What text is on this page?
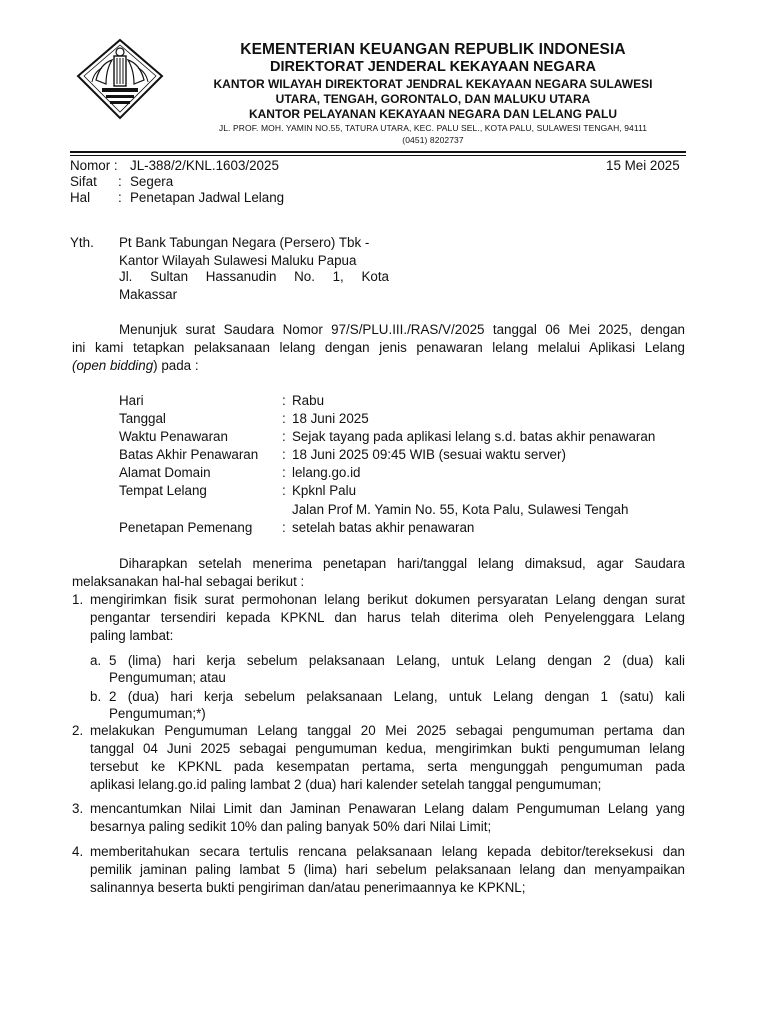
KEMENTERIAN KEUANGAN REPUBLIK INDONESIA
DIREKTORAT JENDERAL KEKAYAAN NEGARA
KANTOR WILAYAH DIREKTORAT JENDRAL KEKAYAAN NEGARA SULAWESI
UTARA, TENGAH, GORONTALO, DAN MALUKU UTARA
KANTOR PELAYANAN KEKAYAAN NEGARA DAN LELANG PALU
JL. PROF. MOH. YAMIN NO.55, TATURA UTARA, KEC. PALU SEL., KOTA PALU, SULAWESI TENGAH, 94111
(0451) 8202737
Nomor : JL-388/2/KNL.1603/2025	15 Mei 2025
Sifat : Segera
Hal : Penetapan Jadwal Lelang
Yth. Pt Bank Tabungan Negara (Persero) Tbk -
Kantor Wilayah Sulawesi Maluku Papua
Jl. Sultan Hassanudin No. 1, Kota
Makassar
Menunjuk surat Saudara Nomor 97/S/PLU.III./RAS/V/2025 tanggal 06 Mei 2025, dengan
ini kami tetapkan pelaksanaan lelang dengan jenis penawaran lelang melalui Aplikasi Lelang
(open bidding) pada :
Hari	: Rabu
Tanggal	: 18 Juni 2025
Waktu Penawaran	: Sejak tayang pada aplikasi lelang s.d. batas akhir penawaran
Batas Akhir Penawaran : 18 Juni 2025 09:45 WIB (sesuai waktu server)
Alamat Domain	: lelang.go.id
Tempat Lelang	: Kpknl Palu
Jalan Prof M. Yamin No. 55, Kota Palu, Sulawesi Tengah
Penetapan Pemenang : setelah batas akhir penawaran
Diharapkan setelah menerima penetapan hari/tanggal lelang dimaksud, agar Saudara
melaksanakan hal-hal sebagai berikut :
1. mengirimkan fisik surat permohonan lelang berikut dokumen persyaratan Lelang dengan surat
pengantar tersendiri kepada KPKNL dan harus telah diterima oleh Penyelenggara Lelang
paling lambat:
a. 5 (lima) hari kerja sebelum pelaksanaan Lelang, untuk Lelang dengan 2 (dua) kali
Pengumuman; atau
b. 2 (dua) hari kerja sebelum pelaksanaan Lelang, untuk Lelang dengan 1 (satu) kali
Pengumuman;*)
2. melakukan Pengumuman Lelang tanggal 20 Mei 2025 sebagai pengumuman pertama dan
tanggal 04 Juni 2025 sebagai pengumuman kedua, mengirimkan bukti pengumuman lelang
tersebut ke KPKNL pada kesempatan pertama, serta mengunggah pengumuman pada
aplikasi lelang.go.id paling lambat 2 (dua) hari kalender setelah tanggal pengumuman;
3. mencantumkan Nilai Limit dan Jaminan Penawaran Lelang dalam Pengumuman Lelang yang
besarnya paling sedikit 10% dan paling banyak 50% dari Nilai Limit;
4. memberitahukan secara tertulis rencana pelaksanaan lelang kepada debitor/tereksekusi dan
pemilik jaminan paling lambat 5 (lima) hari sebelum pelaksanaan lelang dan menyampaikan
salinannya beserta bukti pengiriman dan/atau penerimaannya ke KPKNL;
